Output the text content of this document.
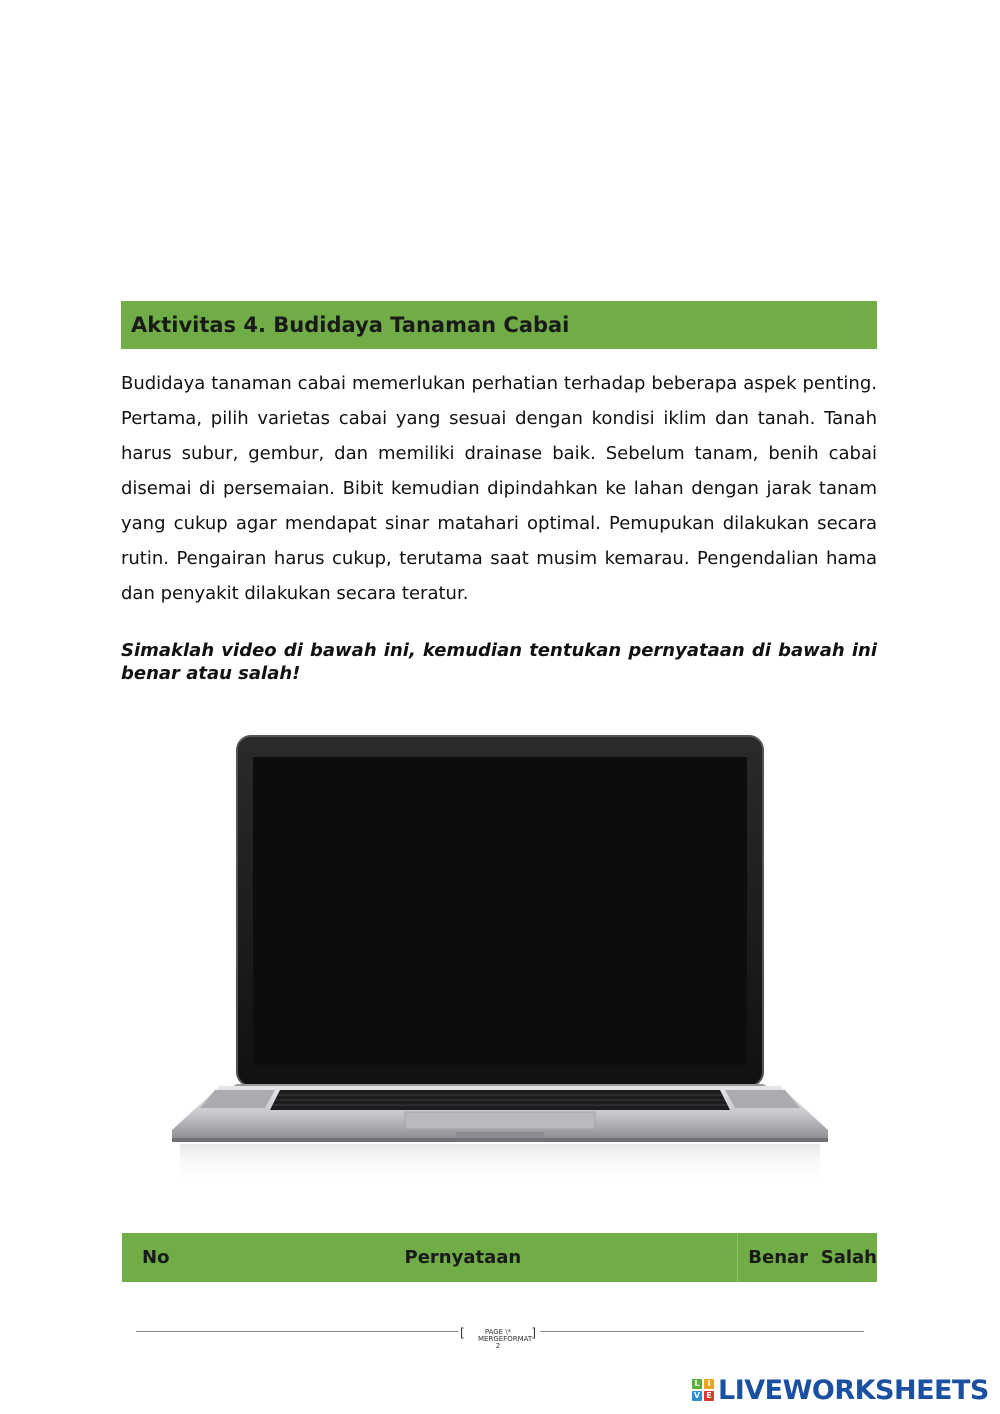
Aktivitas 4. Budidaya Tanaman Cabai

Budidaya tanaman cabai memerlukan perhatian terhadap beberapa aspek penting. Pertama, pilih varietas cabai yang sesuai dengan kondisi iklim dan tanah. Tanah harus subur, gembur, dan memiliki drainase baik. Sebelum tanam, benih cabai disemai di persemaian. Bibit kemudian dipindahkan ke lahan dengan jarak tanam yang cukup agar mendapat sinar matahari optimal. Pemupukan dilakukan secara rutin. Pengairan harus cukup, terutama saat musim kemarau. Pengendalian hama dan penyakit dilakukan secara teratur.

Simaklah video di bawah ini, kemudian tentukan pernyataan di bawah ini benar atau salah!

No	Pernyataan	Benar Salah
[	PAGE \* MERGEFORMAT 2
]
L I
V E LIVEWORKSHEETS
